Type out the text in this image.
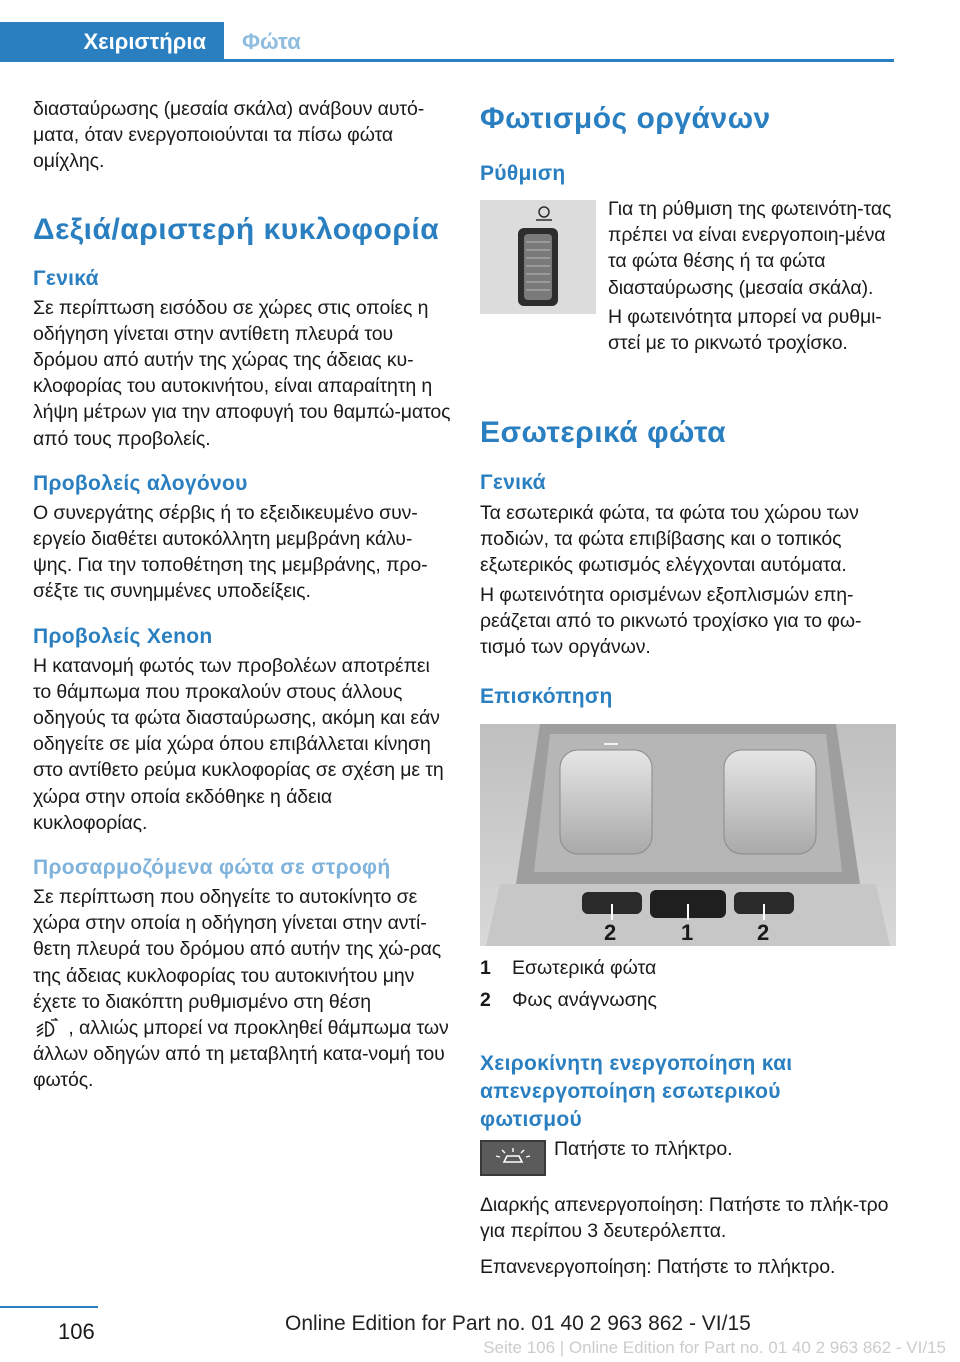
Χειριστήρια	Φώτα

διασταύρωσης (μεσαία σκάλα) ανάβουν αυτό-ματα, όταν ενεργοποιούνται τα πίσω φώτα ομίχλης.

Δεξιά/αριστερή κυκλοφορία
Γενικά

Σε περίπτωση εισόδου σε χώρες στις οποίες η οδήγηση γίνεται στην αντίθετη πλευρά του δρόμου από αυτήν της χώρας της άδειας κυ-κλοφορίας του αυτοκινήτου, είναι απαραίτητη η λήψη μέτρων για την αποφυγή του θαμπώ-ματος από τους προβολείς.

Προβολείς αλογόνου

Ο συνεργάτης σέρβις ή το εξειδικευμένο συν-εργείο διαθέτει αυτοκόλλητη μεμβράνη κάλυ-ψης. Για την τοποθέτηση της μεμβράνης, προ-σέξτε τις συνημμένες υποδείξεις.

Προβολείς Xenon

Η κατανομή φωτός των προβολέων αποτρέπει το θάμπωμα που προκαλούν στους άλλους οδηγούς τα φώτα διασταύρωσης, ακόμη και εάν οδηγείτε σε μία χώρα όπου επιβάλλεται κίνηση στο αντίθετο ρεύμα κυκλοφορίας σε σχέση με τη χώρα στην οποία εκδόθηκε η άδεια κυκλοφορίας.

Προσαρμοζόμενα φώτα σε στροφή

Σε περίπτωση που οδηγείτε το αυτοκίνητο σε χώρα στην οποία η οδήγηση γίνεται στην αντί-θετη πλευρά του δρόμου από αυτήν της χώ-ρας της άδειας κυκλοφορίας του αυτοκινήτου μην έχετε το διακόπτη ρυθμισμένο στη θέση
, αλλιώς μπορεί να προκληθεί θάμπωμα των άλλων οδηγών από τη μεταβλητή κατα-νομή του φωτός.

Φωτισμός οργάνων
Ρύθμιση

Για τη ρύθμιση της φωτεινότη-τας πρέπει να είναι ενεργοποιη-μένα τα φώτα θέσης ή τα φώτα διασταύρωσης (μεσαία σκάλα).

Η φωτεινότητα μπορεί να ρυθμι-στεί με το ρικνωτό τροχίσκο.

Εσωτερικά φώτα
Γενικά

Τα εσωτερικά φώτα, τα φώτα του χώρου των ποδιών, τα φώτα επιβίβασης και ο τοπικός εξωτερικός φωτισμός ελέγχονται αυτόματα.

Η φωτεινότητα ορισμένων εξοπλισμών επη-ρεάζεται από το ρικνωτό τροχίσκο για το φω-τισμό των οργάνων.

Επισκόπηση
2	1	2
1 Εσωτερικά φώτα
2 Φως ανάγνωσης
Χειροκίνητη ενεργοποίηση και απενεργοποίηση εσωτερικού φωτισμού

Πατήστε το πλήκτρο.

Διαρκής απενεργοποίηση: Πατήστε το πλήκ-τρο για περίπου 3 δευτερόλεπτα.

Επανενεργοποίηση: Πατήστε το πλήκτρο.

106	Online Edition for Part no. 01 40 2 963 862 - VI/15
Seite 106 | Online Edition for Part no. 01 40 2 963 862 - VI/15
